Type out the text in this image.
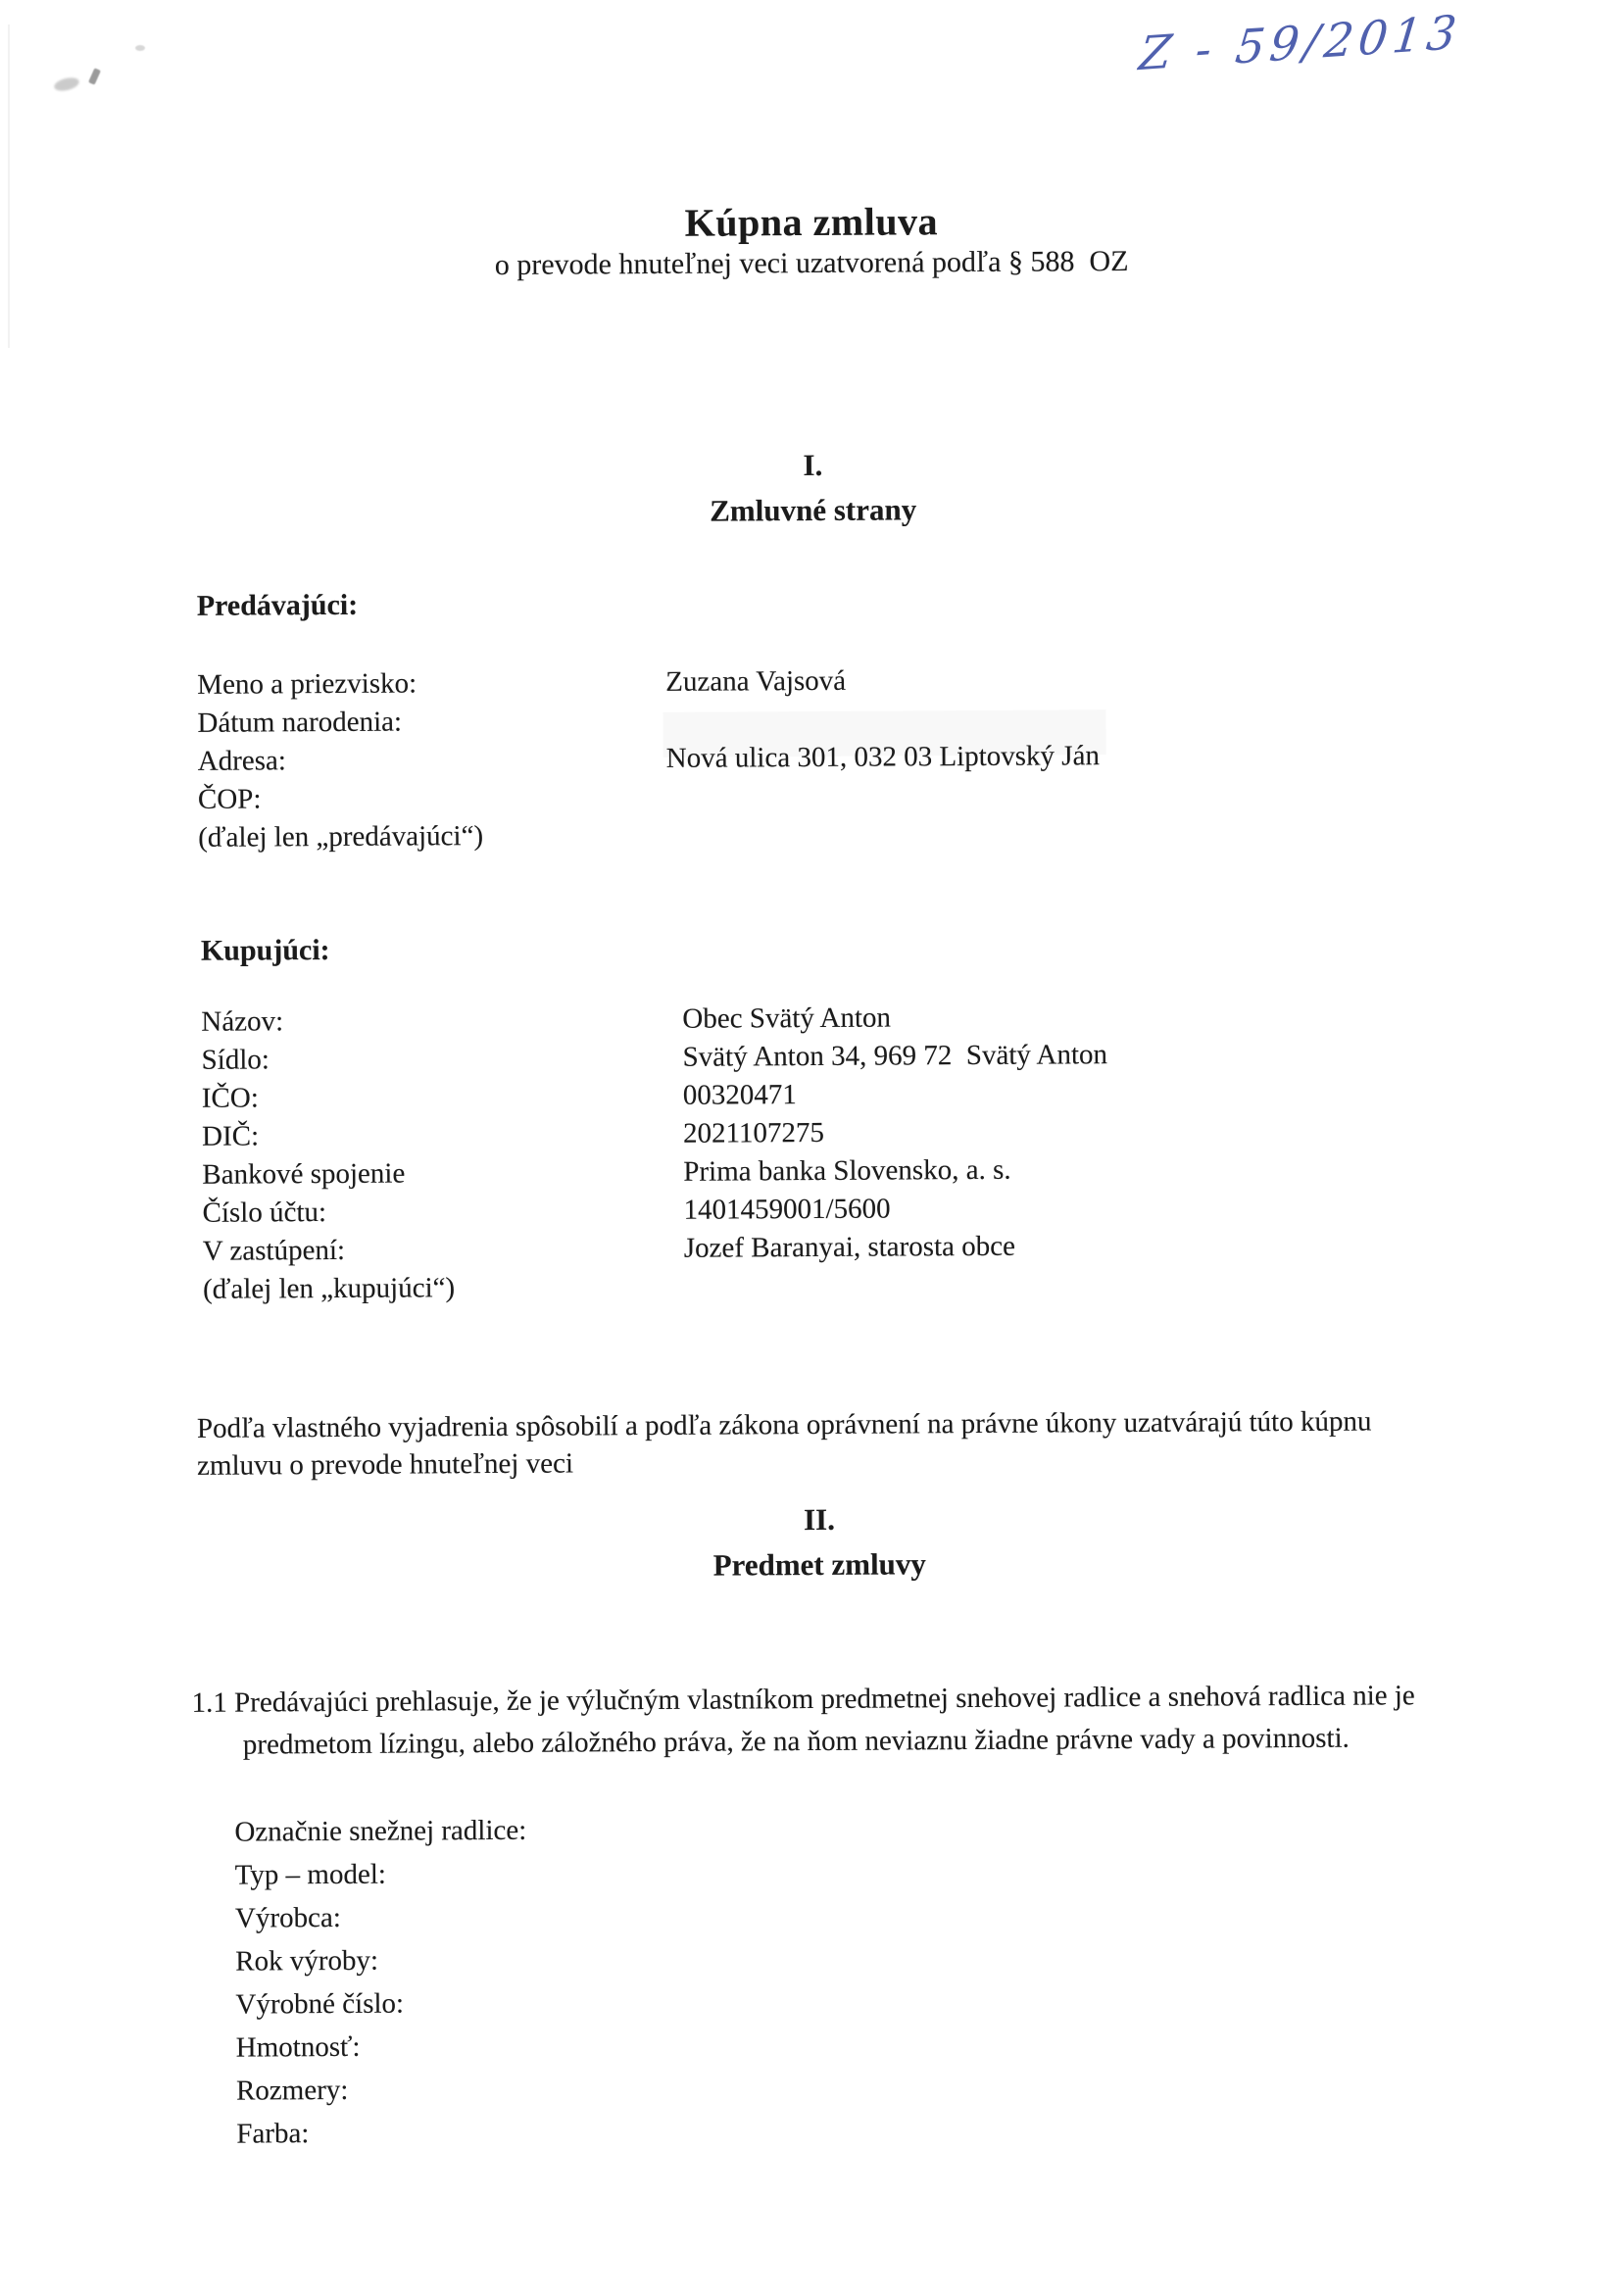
Z - 59/2013
Kúpna zmluva
o prevode hnuteľnej veci uzatvorená podľa § 588  OZ
I.
Zmluvné strany
Predávajúci:
Meno a priezvisko:	Zuzana Vajsová
Dátum narodenia:
Adresa:	Nová ulica 301, 032 03 Liptovský Ján
ČOP:
(ďalej len „predávajúci“)
Kupujúci:
Názov:	Obec Svätý Anton
Sídlo:	Svätý Anton 34, 969 72  Svätý Anton
IČO:	00320471
DIČ:	2021107275
Bankové spojenie	Prima banka Slovensko, a. s.
Číslo účtu:	1401459001/5600
V zastúpení:	Jozef Baranyai, starosta obce
(ďalej len „kupujúci“)

Podľa vlastného vyjadrenia spôsobilí a podľa zákona oprávnení na právne úkony uzatvárajú túto kúpnu zmluvu o prevode hnuteľnej veci

II.
Predmet zmluvy

1.1 Predávajúci prehlasuje, že je výlučným vlastníkom predmetnej snehovej radlice a snehová radlica nie je predmetom lízingu, alebo záložného práva, že na ňom neviaznu žiadne právne vady a povinnosti.

Označnie snežnej radlice:
Typ – model:
Výrobca:
Rok výroby:
Výrobné číslo:
Hmotnosť:
Rozmery:
Farba:
